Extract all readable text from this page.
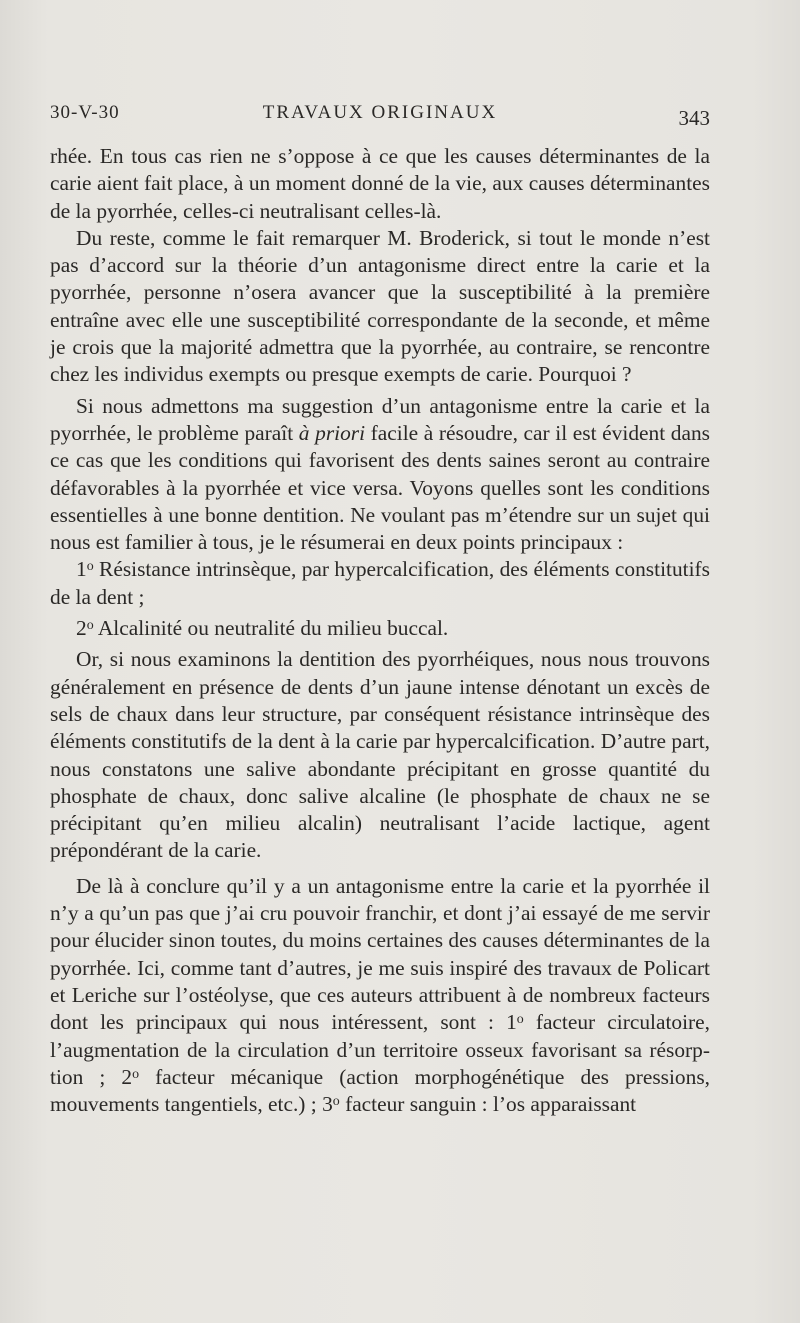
30-V-30	TRAVAUX ORIGINAUX	343

rhée. En tous cas rien ne s’oppose à ce que les causes déterminantes de la carie aient fait place, à un moment donné de la vie, aux causes déterminantes de la pyorrhée, celles-ci neutralisant celles-là.

Du reste, comme le fait remarquer M. Broderick, si tout le monde n’est pas d’accord sur la théorie d’un antagonisme direct entre la carie et la pyorrhée, personne n’osera avancer que la susceptibilité à la première entraîne avec elle une susceptibilité correspondante de la seconde, et même je crois que la majorité admettra que la pyorrhée, au contraire, se rencontre chez les individus exempts ou presque exempts de carie. Pourquoi ?

Si nous admettons ma suggestion d’un antagonisme entre la carie et la pyorrhée, le problème paraît à priori facile à résoudre, car il est évident dans ce cas que les conditions qui favorisent des dents saines seront au contraire défavorables à la pyorrhée et vice versa. Voyons quelles sont les conditions essentielles à une bonne dentition. Ne voulant pas m’étendre sur un sujet qui nous est familier à tous, je le résumerai en deux points principaux :

1$^o$ Résistance intrinsèque, par hypercalcification, des éléments constitutifs de la dent ;

2$^o$ Alcalinité ou neutralité du milieu buccal.

Or, si nous examinons la dentition des pyorrhéiques, nous nous trouvons généralement en présence de dents d’un jaune intense dénotant un excès de sels de chaux dans leur structure, par conséquent résistance intrinsèque des éléments constitutifs de la dent à la carie par hypercalcification. D’autre part, nous constatons une salive abondante précipitant en grosse quantité du phosphate de chaux, donc salive alcaline (le phosphate de chaux ne se précipitant qu’en milieu alcalin) neutralisant l’acide lactique, agent prépondérant de la carie.

De là à conclure qu’il y a un antagonisme entre la carie et la pyorrhée il n’y a qu’un pas que j’ai cru pouvoir franchir, et dont j’ai essayé de me servir pour élucider sinon toutes, du moins certaines des causes déterminantes de la pyorrhée. Ici, comme tant d’autres, je me suis inspiré des travaux de Policart et Leriche sur l’ostéolyse, que ces auteurs attribuent à de nombreux facteurs dont les principaux qui nous intéressent, sont : 1$^o$ facteur circulatoire, l’augmentation de la circulation d’un territoire osseux favorisant sa résorption ; 2$^o$ facteur mécanique (action morphogénétique des pressions, mouvements tangentiels, etc.) ; 3$^o$ facteur sanguin : l’os apparaissant
